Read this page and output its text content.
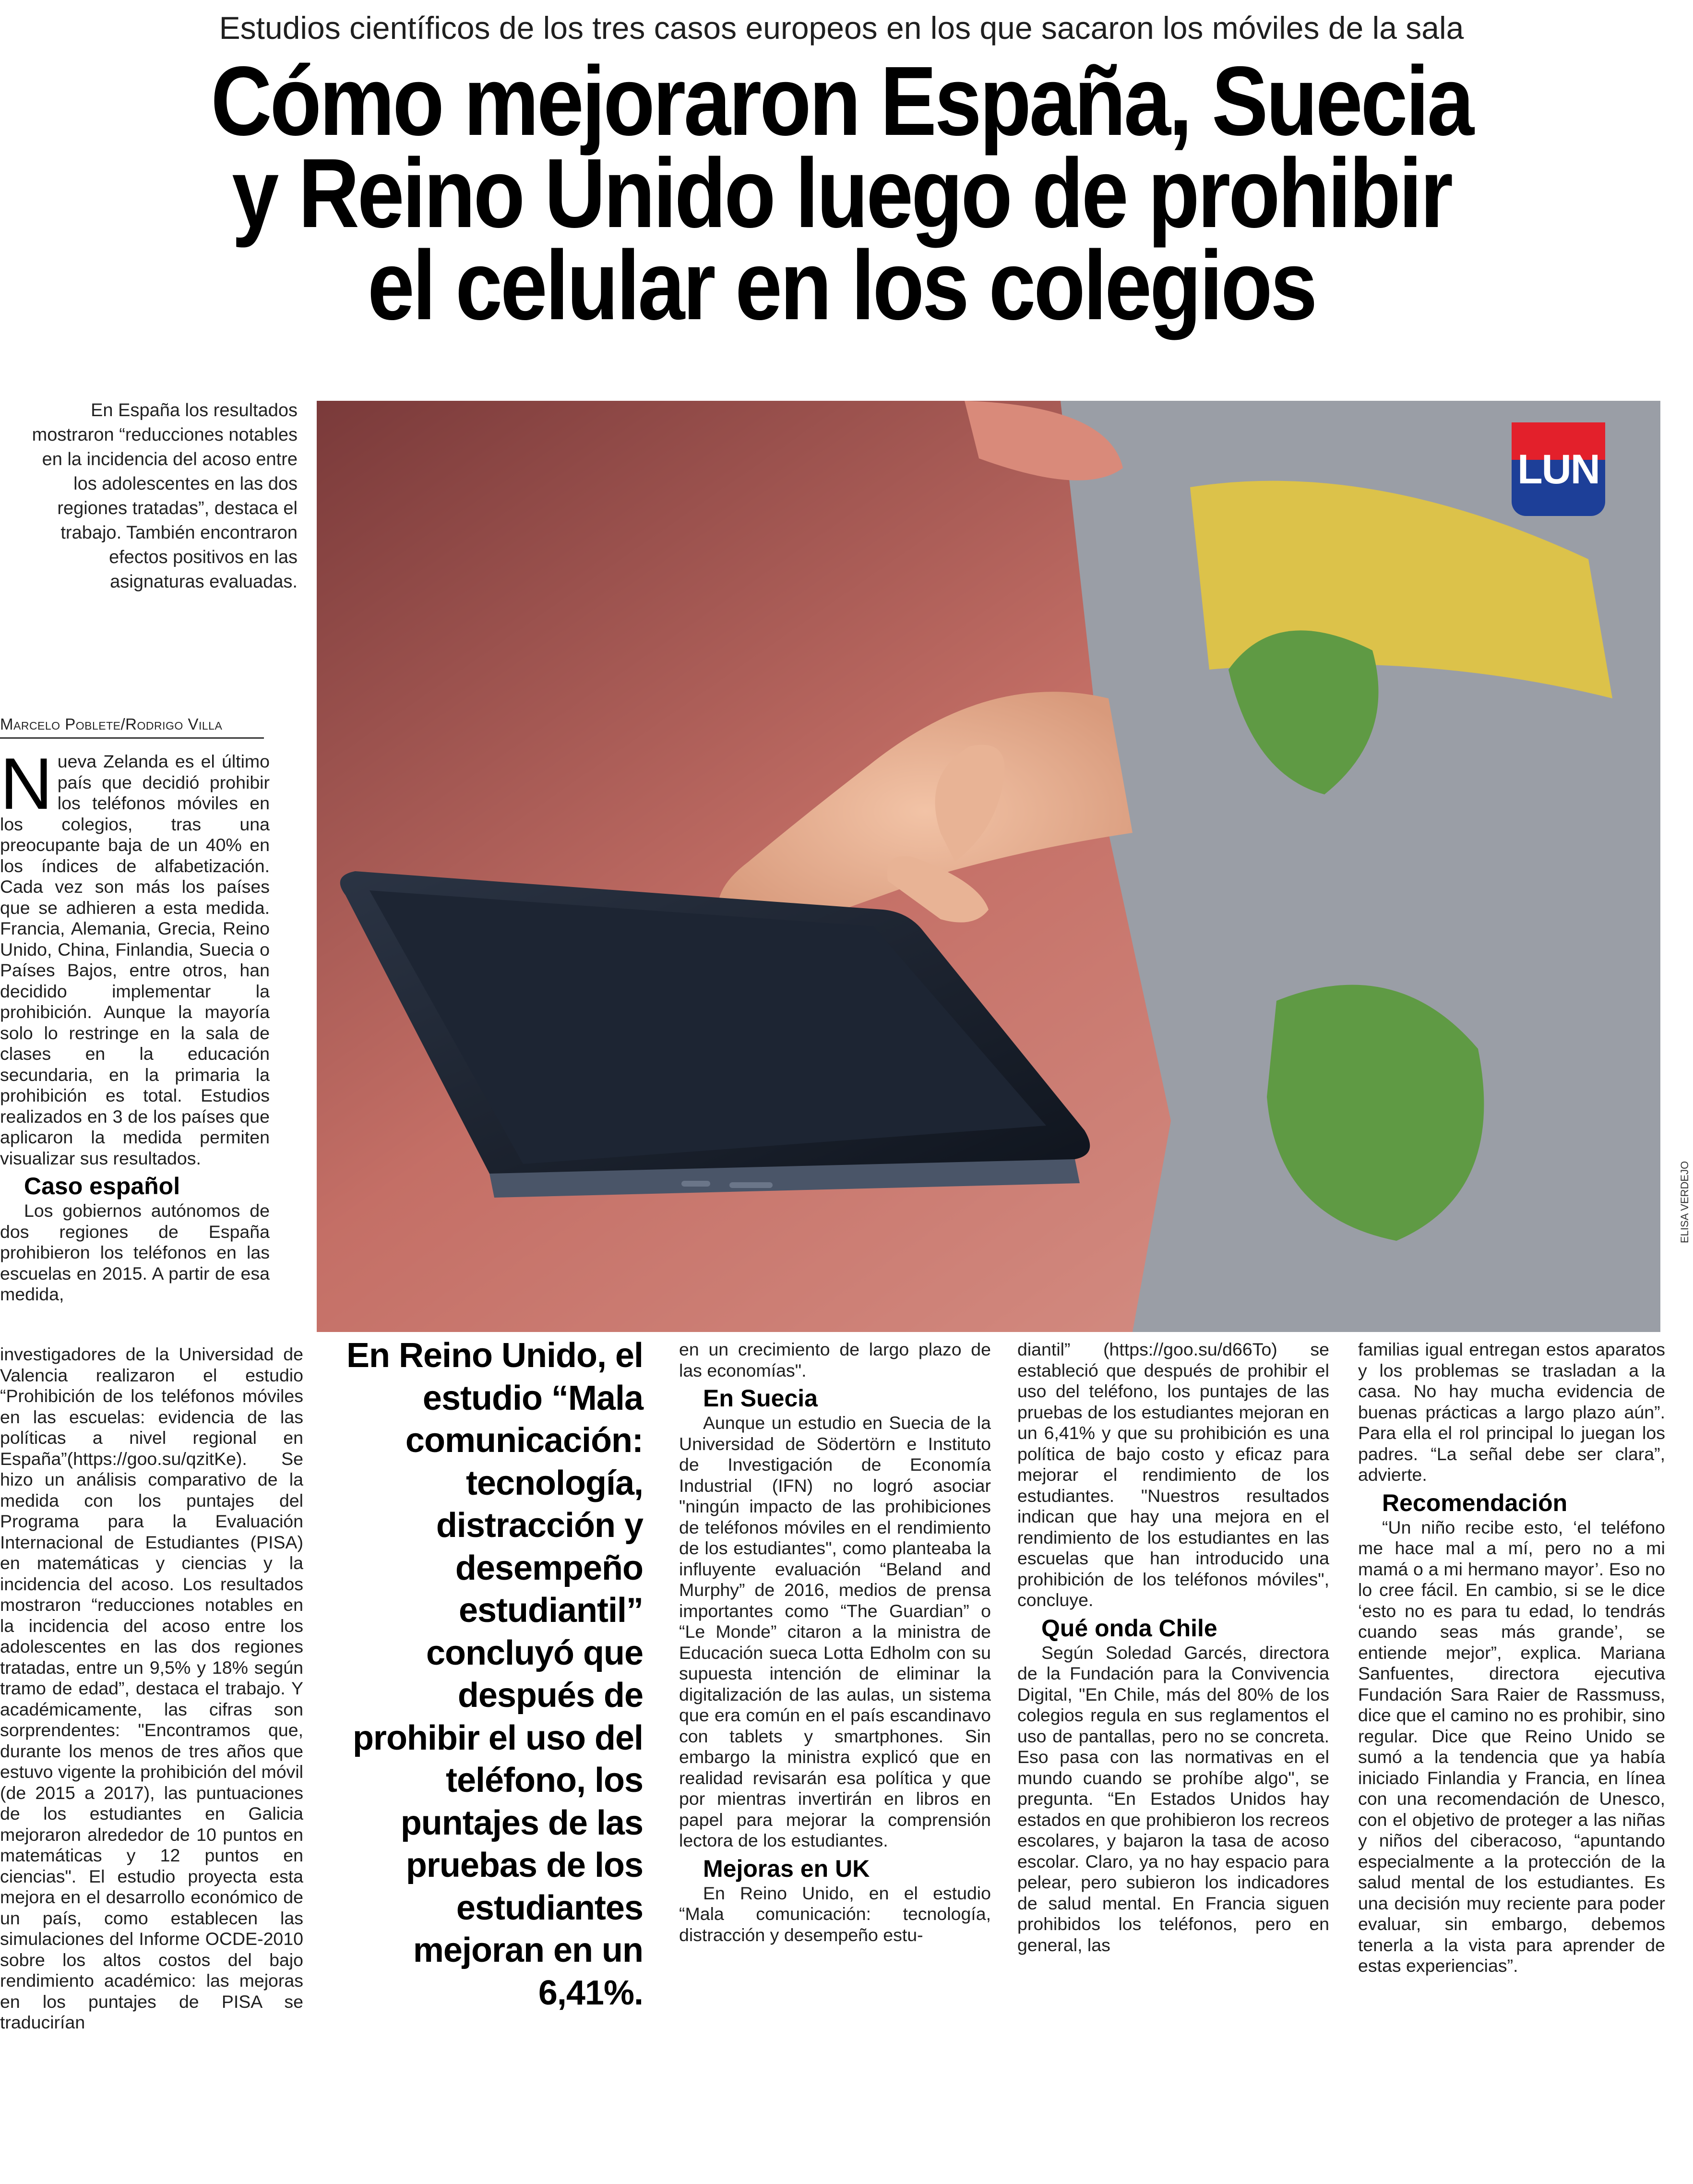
Estudios científicos de los tres casos europeos en los que sacaron los móviles de la sala
Cómo mejoraron España, Suecia y Reino Unido luego de prohibir el celular en los colegios
En España los resultados mostraron “reducciones notables en la incidencia del acoso entre los adolescentes en las dos regiones tratadas”, destaca el trabajo. También encontraron efectos positivos en las asignaturas evaluadas.
LUN
ELISA VERDEJO
Marcelo Poblete/Rodrigo Villa

Nueva Zelanda es el último país que decidió prohibir los teléfonos móviles en los colegios, tras una preocupante baja de un 40% en los índices de alfabetización. Cada vez son más los países que se adhieren a esta medida. Francia, Alemania, Grecia, Reino Unido, China, Finlandia, Suecia o Países Bajos, entre otros, han decidido implementar la prohibición. Aunque la mayoría solo lo restringe en la sala de clases en la educación secundaria, en la primaria la prohibición es total. Estudios realizados en 3 de los países que aplicaron la medida permiten visualizar sus resultados.

Caso español

Los gobiernos autónomos de dos regiones de España prohibieron los teléfonos en las escuelas en 2015. A partir de esa medida,

investigadores de la Universidad de Valencia realizaron el estudio “Prohibición de los teléfonos móviles en las escuelas: evidencia de las políticas a nivel regional en España”(https://goo.su/qzitKe). Se hizo un análisis comparativo de la medida con los puntajes del Programa para la Evaluación Internacional de Estudiantes (PISA) en matemáticas y ciencias y la incidencia del acoso. Los resultados mostraron “reducciones notables en la incidencia del acoso entre los adolescentes en las dos regiones tratadas, entre un 9,5% y 18% según tramo de edad”, destaca el trabajo. Y académicamente, las cifras son sorprendentes: "Encontramos que, durante los menos de tres años que estuvo vigente la prohibición del móvil (de 2015 a 2017), las puntuaciones de los estudiantes en Galicia mejoraron alrededor de 10 puntos en matemáticas y 12 puntos en ciencias". El estudio proyecta esta mejora en el desarrollo económico de un país, como establecen las simulaciones del Informe OCDE-2010 sobre los altos costos del bajo rendimiento académico: las mejoras en los puntajes de PISA se traducirían

En Reino Unido, el estudio “Mala comunicación: tecnología, distracción y desempeño estudiantil” concluyó que después de prohibir el uso del teléfono, los puntajes de las pruebas de los estudiantes mejoran en un 6,41%.

en un crecimiento de largo plazo de las economías".

En Suecia

Aunque un estudio en Suecia de la Universidad de Södertörn e Instituto de Investigación de Economía Industrial (IFN) no logró asociar "ningún impacto de las prohibiciones de teléfonos móviles en el rendimiento de los estudiantes", como planteaba la influyente evaluación “Beland and Murphy” de 2016, medios de prensa importantes como “The Guardian” o “Le Monde” citaron a la ministra de Educación sueca Lotta Edholm con su supuesta intención de eliminar la digitalización de las aulas, un sistema que era común en el país escandinavo con tablets y smartphones. Sin embargo la ministra explicó que en realidad revisarán esa política y que por mientras invertirán en libros en papel para mejorar la comprensión lectora de los estudiantes.

Mejoras en UK

En Reino Unido, en el estudio “Mala comunicación: tecnología, distracción y desempeño estu-

diantil” (https://goo.su/d66To) se estableció que después de prohibir el uso del teléfono, los puntajes de las pruebas de los estudiantes mejoran en un 6,41% y que su prohibición es una política de bajo costo y eficaz para mejorar el rendimiento de los estudiantes. "Nuestros resultados indican que hay una mejora en el rendimiento de los estudiantes en las escuelas que han introducido una prohibición de los teléfonos móviles", concluye.

Qué onda Chile

Según Soledad Garcés, directora de la Fundación para la Convivencia Digital, "En Chile, más del 80% de los colegios regula en sus reglamentos el uso de pantallas, pero no se concreta. Eso pasa con las normativas en el mundo cuando se prohíbe algo", se pregunta. “En Estados Unidos hay estados en que prohibieron los recreos escolares, y bajaron la tasa de acoso escolar. Claro, ya no hay espacio para pelear, pero subieron los indicadores de salud mental. En Francia siguen prohibidos los teléfonos, pero en general, las

familias igual entregan estos aparatos y los problemas se trasladan a la casa. No hay mucha evidencia de buenas prácticas a largo plazo aún”. Para ella el rol principal lo juegan los padres. “La señal debe ser clara”, advierte.

Recomendación

“Un niño recibe esto, ‘el teléfono me hace mal a mí, pero no a mi mamá o a mi hermano mayor’. Eso no lo cree fácil. En cambio, si se le dice ‘esto no es para tu edad, lo tendrás cuando seas más grande’, se entiende mejor”, explica. Mariana Sanfuentes, directora ejecutiva Fundación Sara Raier de Rassmuss, dice que el camino no es prohibir, sino regular. Dice que Reino Unido se sumó a la tendencia que ya había iniciado Finlandia y Francia, en línea con una recomendación de Unesco, con el objetivo de proteger a las niñas y niños del ciberacoso, “apuntando especialmente a la protección de la salud mental de los estudiantes. Es una decisión muy reciente para poder evaluar, sin embargo, debemos tenerla a la vista para aprender de estas experiencias”.
